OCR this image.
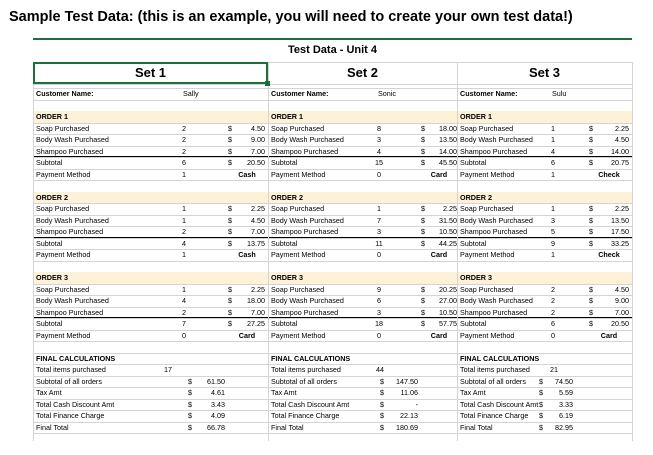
Sample Test Data: (this is an example, you will need to create your own test data!)
Test Data - Unit 4
Set 1
Customer Name:	Sally
ORDER 1
Soap Purchased	2	$	4.50
Body Wash Purchased	2	$	9.00
Shampoo Purchased	2	$	7.00
Subtotal	6	$	20.50
Payment Method	1	Cash
ORDER 2
Soap Purchased	1	$	2.25
Body Wash Purchased	1	$	4.50
Shampoo Purchased	2	$	7.00
Subtotal	4	$	13.75
Payment Method	1	Cash
ORDER 3
Soap Purchased	1	$	2.25
Body Wash Purchased	4	$	18.00
Shampoo Purchased	2	$	7.00
Subtotal	7	$	27.25
Payment Method	0	Card
FINAL CALCULATIONS
Total items purchased	17
Subtotal of all orders	$	61.50
Tax Amt	$	4.61
Total Cash Discount Amt	$	3.43
Total Finance Charge	$	4.09
Final Total	$	66.78
Set 2
Customer Name:	Sonic
ORDER 1
Soap Purchased	8	$	18.00
Body Wash Purchased	3	$	13.50
Shampoo Purchased	4	$	14.00
Subtotal	15	$	45.50
Payment Method	0	Card
ORDER 2
Soap Purchased	1	$	2.25
Body Wash Purchased	7	$	31.50
Shampoo Purchased	3	$	10.50
Subtotal	11	$	44.25
Payment Method	0	Card
ORDER 3
Soap Purchased	9	$	20.25
Body Wash Purchased	6	$	27.00
Shampoo Purchased	3	$	10.50
Subtotal	18	$	57.75
Payment Method	0	Card
FINAL CALCULATIONS
Total items purchased	44
Subtotal of all orders	$	147.50
Tax Amt	$	11.06
Total Cash Discount Amt	$	-
Total Finance Charge	$	22.13
Final Total	$	180.69
Set 3
Customer Name:	Sulu
ORDER 1
Soap Purchased	1	$	2.25
Body Wash Purchased	1	$	4.50
Shampoo Purchased	4	$	14.00
Subtotal	6	$	20.75
Payment Method	1	Check
ORDER 2
Soap Purchased	1	$	2.25
Body Wash Purchased	3	$	13.50
Shampoo Purchased	5	$	17.50
Subtotal	9	$	33.25
Payment Method	1	Check
ORDER 3
Soap Purchased	2	$	4.50
Body Wash Purchased	2	$	9.00
Shampoo Purchased	2	$	7.00
Subtotal	6	$	20.50
Payment Method	0	Card
FINAL CALCULATIONS
Total items purchased	21
Subtotal of all orders $	74.50
Tax Amt	$	5.59
Total Cash Discount Amt $	3.33
Total Finance Charge $	6.19
Final Total	$	82.95
